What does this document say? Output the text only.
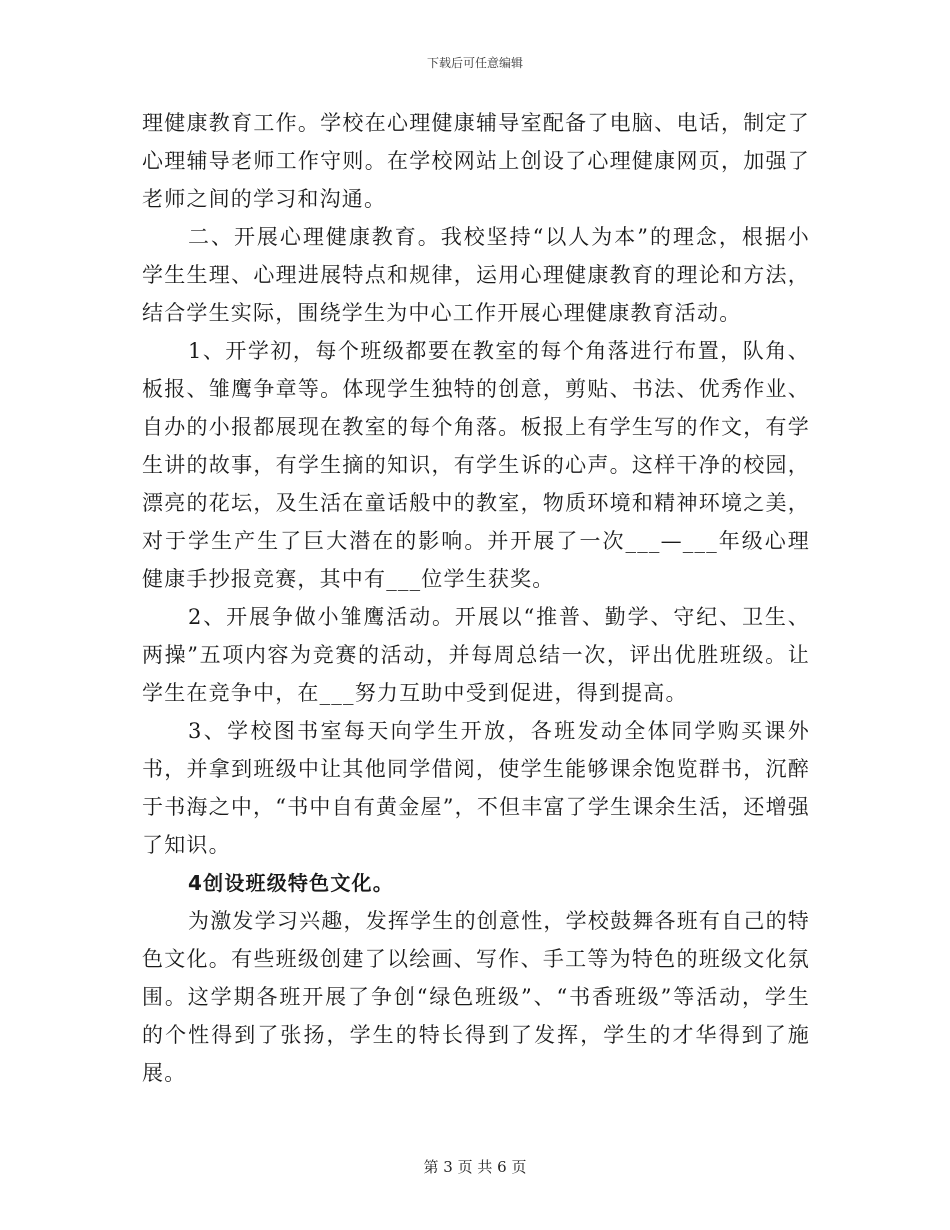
下载后可任意编辑

理健康教育工作。学校在心理健康辅导室配备了电脑、电话，制定了心理辅导老师工作守则。在学校网站上创设了心理健康网页，加强了老师之间的学习和沟通。

二、开展心理健康教育。我校坚持“以人为本”的理念，根据小学生生理、心理进展特点和规律，运用心理健康教育的理论和方法，结合学生实际，围绕学生为中心工作开展心理健康教育活动。

1、开学初，每个班级都要在教室的每个角落进行布置，队角、板报、雏鹰争章等。体现学生独特的创意，剪贴、书法、优秀作业、自办的小报都展现在教室的每个角落。板报上有学生写的作文，有学生讲的故事，有学生摘的知识，有学生诉的心声。这样干净的校园，漂亮的花坛，及生活在童话般中的教室，物质环境和精神环境之美，对于学生产生了巨大潜在的影响。并开展了一次___—___年级心理健康手抄报竞赛，其中有___位学生获奖。

2、开展争做小雏鹰活动。开展以“推普、勤学、守纪、卫生、两操”五项内容为竞赛的活动，并每周总结一次，评出优胜班级。让学生在竞争中，在___努力互助中受到促进，得到提高。

3、学校图书室每天向学生开放，各班发动全体同学购买课外书，并拿到班级中让其他同学借阅，使学生能够课余饱览群书，沉醉于书海之中，“书中自有黄金屋”，不但丰富了学生课余生活，还增强了知识。

4创设班级特色文化。

为激发学习兴趣，发挥学生的创意性，学校鼓舞各班有自己的特色文化。有些班级创建了以绘画、写作、手工等为特色的班级文化氛围。这学期各班开展了争创“绿色班级”、“书香班级”等活动，学生的个性得到了张扬，学生的特长得到了发挥，学生的才华得到了施展。

第 3 页 共 6 页
